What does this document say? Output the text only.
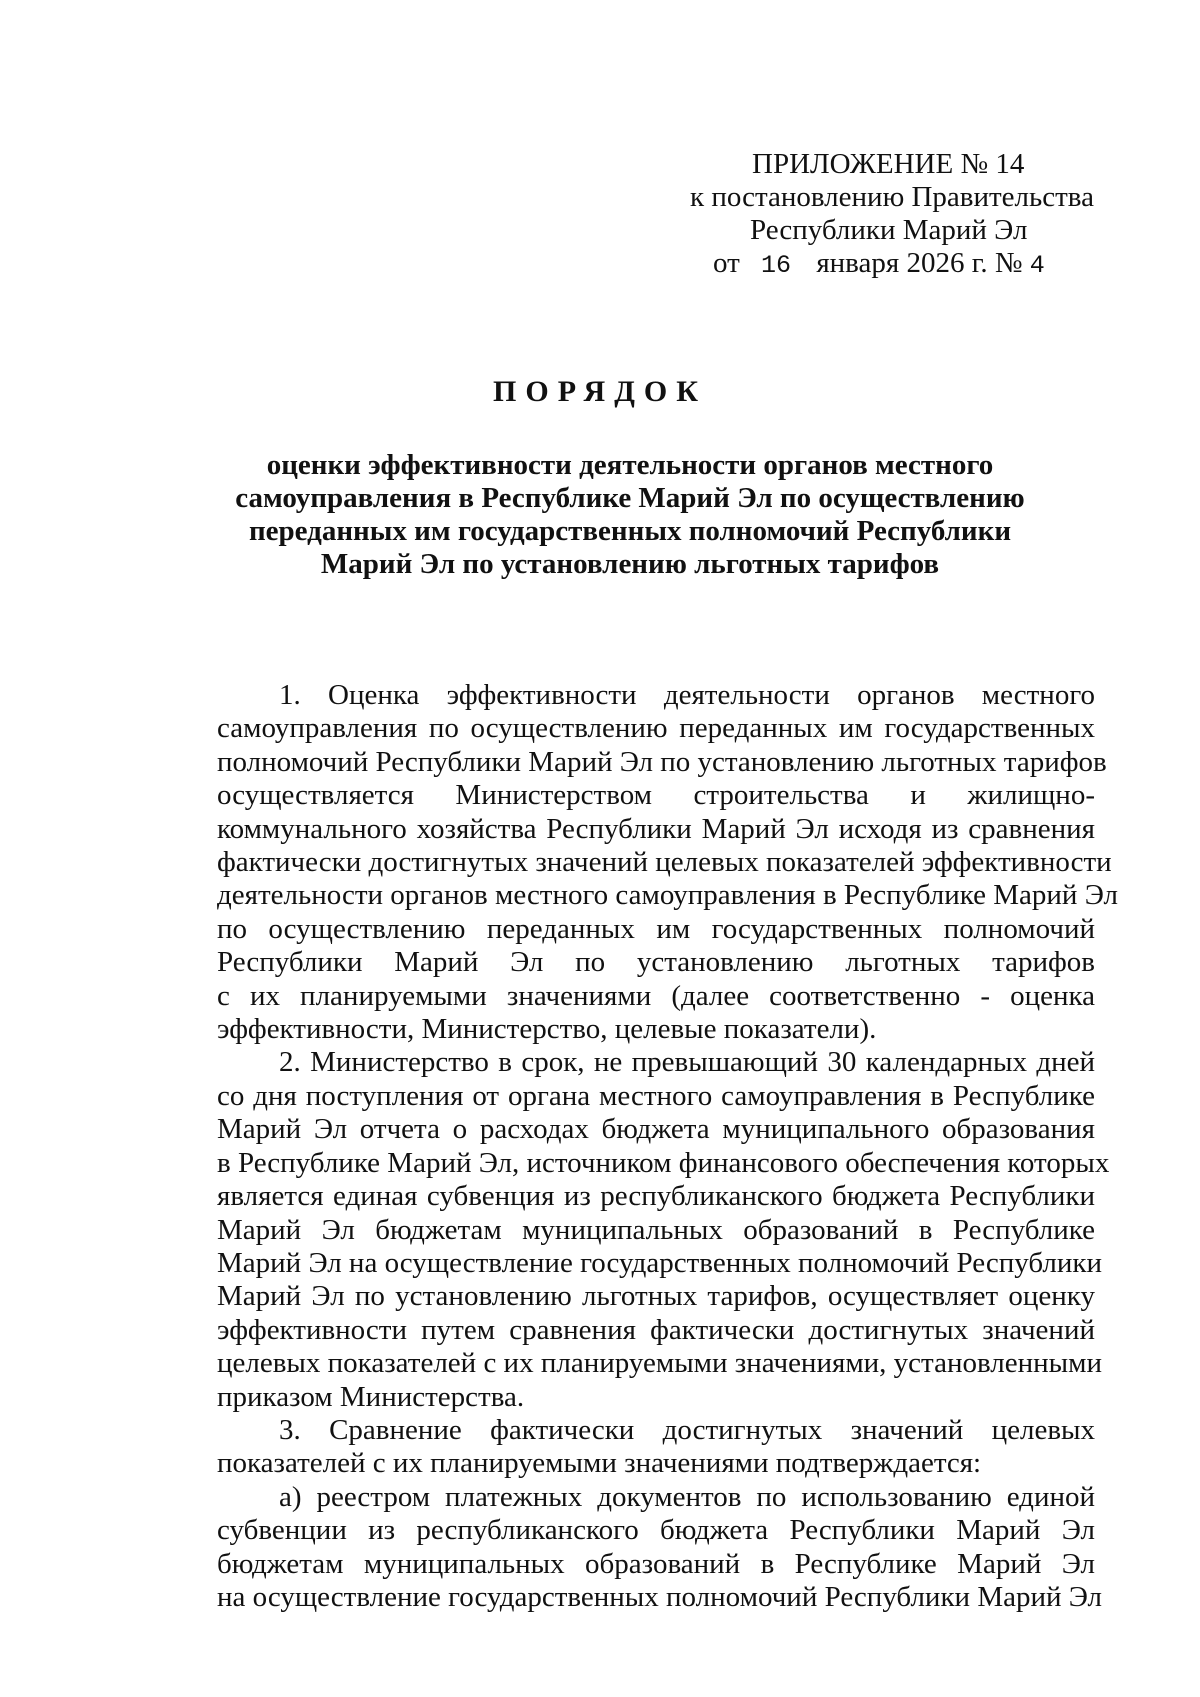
ПРИЛОЖЕНИЕ № 14
к постановлению Правительства
Республики Марий Эл
от 16 января 2026 г. № 4
ПОРЯДОК
оценки эффективности деятельности органов местного
самоуправления в Республике Марий Эл по осуществлению
переданных им государственных полномочий Республики
Марий Эл по установлению льготных тарифов
1. Оценка эффективности деятельности органов местного
самоуправления по осуществлению переданных им государственных
полномочий Республики Марий Эл по установлению льготных тарифов
осуществляется Министерством строительства и жилищно-
коммунального хозяйства Республики Марий Эл исходя из сравнения
фактически достигнутых значений целевых показателей эффективности
деятельности органов местного самоуправления в Республике Марий Эл
по осуществлению переданных им государственных полномочий
Республики Марий Эл по установлению льготных тарифов
с их планируемыми значениями (далее соответственно - оценка
эффективности, Министерство, целевые показатели).
2. Министерство в срок, не превышающий 30 календарных дней
со дня поступления от органа местного самоуправления в Республике
Марий Эл отчета о расходах бюджета муниципального образования
в Республике Марий Эл, источником финансового обеспечения которых
является единая субвенция из республиканского бюджета Республики
Марий Эл бюджетам муниципальных образований в Республике
Марий Эл на осуществление государственных полномочий Республики
Марий Эл по установлению льготных тарифов, осуществляет оценку
эффективности путем сравнения фактически достигнутых значений
целевых показателей с их планируемыми значениями, установленными
приказом Министерства.
3. Сравнение фактически достигнутых значений целевых
показателей с их планируемыми значениями подтверждается:
а) реестром платежных документов по использованию единой
субвенции из республиканского бюджета Республики Марий Эл
бюджетам муниципальных образований в Республике Марий Эл
на осуществление государственных полномочий Республики Марий Эл
